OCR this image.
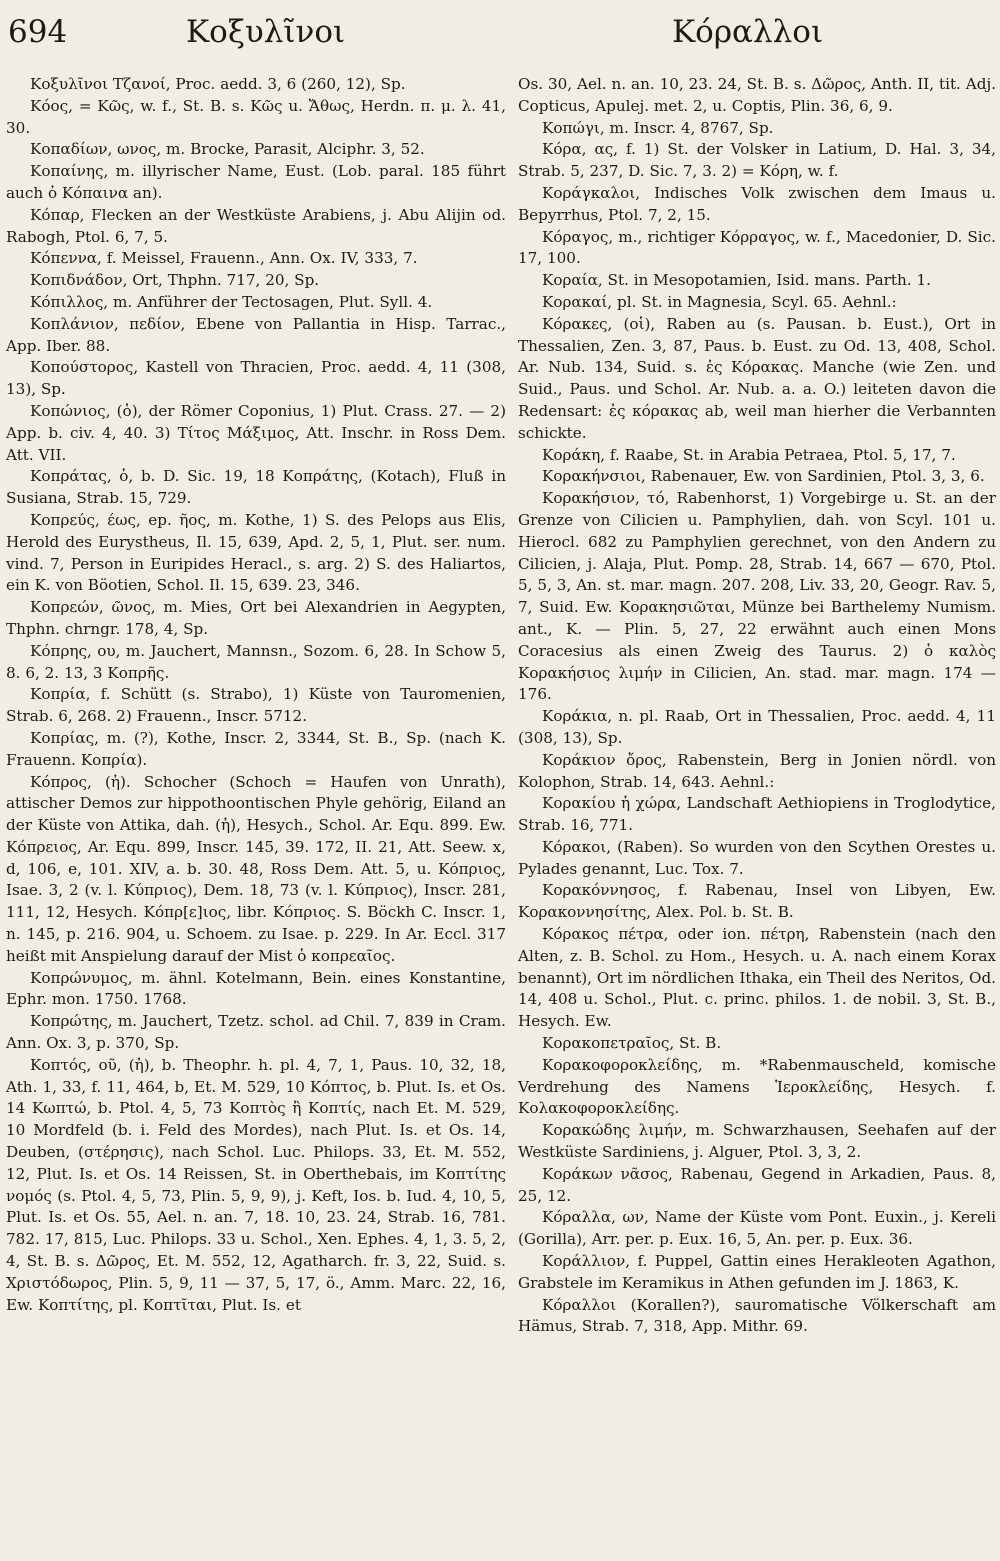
694	Κοξυλῖνοι	Κόραλλοι

Κοξυλῖνοι Τζανοί, Proc. aedd. 3, 6 (260, 12), Sp.

Κόος, = Κῶς, w. f., St. B. s. Κῶς u. Ἄθως, Herdn. π. μ. λ. 41, 30.

Κοπαδίων, ωνος, m. Brocke, Parasit, Alciphr. 3, 52.

Κοπαίνης, m. illyrischer Name, Eust. (Lob. paral. 185 führt auch ὁ Κόπαινα an).

Κόπαρ, Flecken an der Westküste Arabiens, j. Abu Alijin od. Rabogh, Ptol. 6, 7, 5.

Κόπεννα, f. Meissel, Frauenn., Ann. Ox. IV, 333, 7.

Κοπιδνάδον, Ort, Thphn. 717, 20, Sp.

Κόπιλλος, m. Anführer der Tectosagen, Plut. Syll. 4.

Κοπλάνιον, πεδίον, Ebene von Pallantia in Hisp. Tarrac., App. Iber. 88.

Κοπούστορος, Kastell von Thracien, Proc. aedd. 4, 11 (308, 13), Sp.

Κοπώνιος, (ὁ), der Römer Coponius, 1) Plut. Crass. 27. — 2) App. b. civ. 4, 40. 3) Τίτος Μάξιμος, Att. Inschr. in Ross Dem. Att. VII.

Κοπράτας, ὁ, b. D. Sic. 19, 18 Κοπράτης, (Kotach), Fluß in Susiana, Strab. 15, 729.

Κοπρεύς, έως, ep. ῆος, m. Kothe, 1) S. des Pelops aus Elis, Herold des Eurystheus, Il. 15, 639, Apd. 2, 5, 1, Plut. ser. num. vind. 7, Person in Euripides Heracl., s. arg. 2) S. des Haliartos, ein K. von Böotien, Schol. Il. 15, 639. 23, 346.

Κοπρεών, ῶνος, m. Mies, Ort bei Alexandrien in Aegypten, Thphn. chrngr. 178, 4, Sp.

Κόπρης, ου, m. Jauchert, Mannsn., Sozom. 6, 28. In Schow 5, 8. 6, 2. 13, 3 Κοπρῆς.

Κοπρία, f. Schütt (s. Strabo), 1) Küste von Tauromenien, Strab. 6, 268. 2) Frauenn., Inscr. 5712.

Κοπρίας, m. (?), Kothe, Inscr. 2, 3344, St. B., Sp. (nach K. Frauenn. Κοπρία).

Κόπρος, (ἡ). Schocher (Schoch = Haufen von Unrath), attischer Demos zur hippothoontischen Phyle gehörig, Eiland an der Küste von Attika, dah. (ἡ), Hesych., Schol. Ar. Equ. 899. Ew. Κόπρειος, Ar. Equ. 899, Inscr. 145, 39. 172, II. 21, Att. Seew. x, d, 106, e, 101. XIV, a. b. 30. 48, Ross Dem. Att. 5, u. Κόπριος, Isae. 3, 2 (v. l. Κύπριος), Dem. 18, 73 (v. l. Κύπριος), Inscr. 281, 111, 12, Hesych. Κόπρ[ε]ιος, libr. Κόπριος. S. Böckh C. Inscr. 1, n. 145, p. 216. 904, u. Schoem. zu Isae. p. 229. In Ar. Eccl. 317 heißt mit Anspielung darauf der Mist ὁ κοπρεαῖος.

Κοπρώνυμος, m. ähnl. Kotelmann, Bein. eines Konstantine, Ephr. mon. 1750. 1768.

Κοπρώτης, m. Jauchert, Tzetz. schol. ad Chil. 7, 839 in Cram. Ann. Ox. 3, p. 370, Sp.

Κοπτός, οῦ, (ἡ), b. Theophr. h. pl. 4, 7, 1, Paus. 10, 32, 18, Ath. 1, 33, f. 11, 464, b, Et. M. 529, 10 Κόπτος, b. Plut. Is. et Os. 14 Κωπτώ, b. Ptol. 4, 5, 73 Κοπτὸς ἢ Κοπτίς, nach Et. M. 529, 10 Mordfeld (b. i. Feld des Mordes), nach Plut. Is. et Os. 14, Deuben, (στέρησις), nach Schol. Luc. Philops. 33, Et. M. 552, 12, Plut. Is. et Os. 14 Reissen, St. in Oberthebais, im Κοπτίτης νομός (s. Ptol. 4, 5, 73, Plin. 5, 9, 9), j. Keft, Ios. b. Iud. 4, 10, 5, Plut. Is. et Os. 55, Ael. n. an. 7, 18. 10, 23. 24, Strab. 16, 781. 782. 17, 815, Luc. Philops. 33 u. Schol., Xen. Ephes. 4, 1, 3. 5, 2, 4, St. B. s. Δῶρος, Et. M. 552, 12, Agatharch. fr. 3, 22, Suid. s. Χριστόδωρος, Plin. 5, 9, 11 — 37, 5, 17, ö., Amm. Marc. 22, 16, Ew. Κοπτίτης, pl. Κοπτῖται, Plut. Is. et

Os. 30, Ael. n. an. 10, 23. 24, St. B. s. Δῶρος, Anth. II, tit. Adj. Copticus, Apulej. met. 2, u. Coptis, Plin. 36, 6, 9.

Κοπώγι, m. Inscr. 4, 8767, Sp.

Κόρα, ας, f. 1) St. der Volsker in Latium, D. Hal. 3, 34, Strab. 5, 237, D. Sic. 7, 3. 2) = Κόρη, w. f.

Κοράγκαλοι, Indisches Volk zwischen dem Imaus u. Bepyrrhus, Ptol. 7, 2, 15.

Κόραγος, m., richtiger Κόρραγος, w. f., Macedonier, D. Sic. 17, 100.

Κοραία, St. in Mesopotamien, Isid. mans. Parth. 1.

Κορακαί, pl. St. in Magnesia, Scyl. 65. Aehnl.:

Κόρακες, (οἱ), Raben au (s. Pausan. b. Eust.), Ort in Thessalien, Zen. 3, 87, Paus. b. Eust. zu Od. 13, 408, Schol. Ar. Nub. 134, Suid. s. ἐς Κόρακας. Manche (wie Zen. und Suid., Paus. und Schol. Ar. Nub. a. a. O.) leiteten davon die Redensart: ἐς κόρακας ab, weil man hierher die Verbannten schickte.

Κοράκη, f. Raabe, St. in Arabia Petraea, Ptol. 5, 17, 7.

Κορακήνσιοι, Rabenauer, Ew. von Sardinien, Ptol. 3, 3, 6.

Κορακήσιον, τό, Rabenhorst, 1) Vorgebirge u. St. an der Grenze von Cilicien u. Pamphylien, dah. von Scyl. 101 u. Hierocl. 682 zu Pamphylien gerechnet, von den Andern zu Cilicien, j. Alaja, Plut. Pomp. 28, Strab. 14, 667 — 670, Ptol. 5, 5, 3, An. st. mar. magn. 207. 208, Liv. 33, 20, Geogr. Rav. 5, 7, Suid. Ew. Κορακησιῶται, Münze bei Barthelemy Numism. ant., K. — Plin. 5, 27, 22 erwähnt auch einen Mons Coracesius als einen Zweig des Taurus. 2) ὁ καλὸς Κορακήσιος λιμήν in Cilicien, An. stad. mar. magn. 174 — 176.

Κοράκια, n. pl. Raab, Ort in Thessalien, Proc. aedd. 4, 11 (308, 13), Sp.

Κοράκιον ὄρος, Rabenstein, Berg in Jonien nördl. von Kolophon, Strab. 14, 643. Aehnl.:

Κορακίου ἡ χώρα, Landschaft Aethiopiens in Troglodytice, Strab. 16, 771.

Κόρακοι, (Raben). So wurden von den Scythen Orestes u. Pylades genannt, Luc. Tox. 7.

Κορακόννησος, f. Rabenau, Insel von Libyen, Ew. Κορακοννησίτης, Alex. Pol. b. St. B.

Κόρακος πέτρα, oder ion. πέτρη, Rabenstein (nach den Alten, z. B. Schol. zu Hom., Hesych. u. A. nach einem Korax benannt), Ort im nördlichen Ithaka, ein Theil des Neritos, Od. 14, 408 u. Schol., Plut. c. princ. philos. 1. de nobil. 3, St. B., Hesych. Ew.

Κορακοπετραῖος, St. B.

Κορακοφορoκλείδης, m. *Rabenmauscheld, komische Verdrehung des Namens Ἱεροκλείδης, Hesych. f. Κολακοφορoκλείδης.

Κορακώδης λιμήν, m. Schwarzhausen, Seehafen auf der Westküste Sardiniens, j. Alguer, Ptol. 3, 3, 2.

Κοράκων νᾶσος, Rabenau, Gegend in Arkadien, Paus. 8, 25, 12.

Κόραλλα, ων, Name der Küste vom Pont. Euxin., j. Kereli (Gorilla), Arr. per. p. Eux. 16, 5, An. per. p. Eux. 36.

Κοράλλιον, f. Puppel, Gattin eines Herakleoten Agathon, Grabstele im Keramikus in Athen gefunden im J. 1863, K.

Κόραλλοι (Korallen?), sauromatische Völkerschaft am Hämus, Strab. 7, 318, App. Mithr. 69.
